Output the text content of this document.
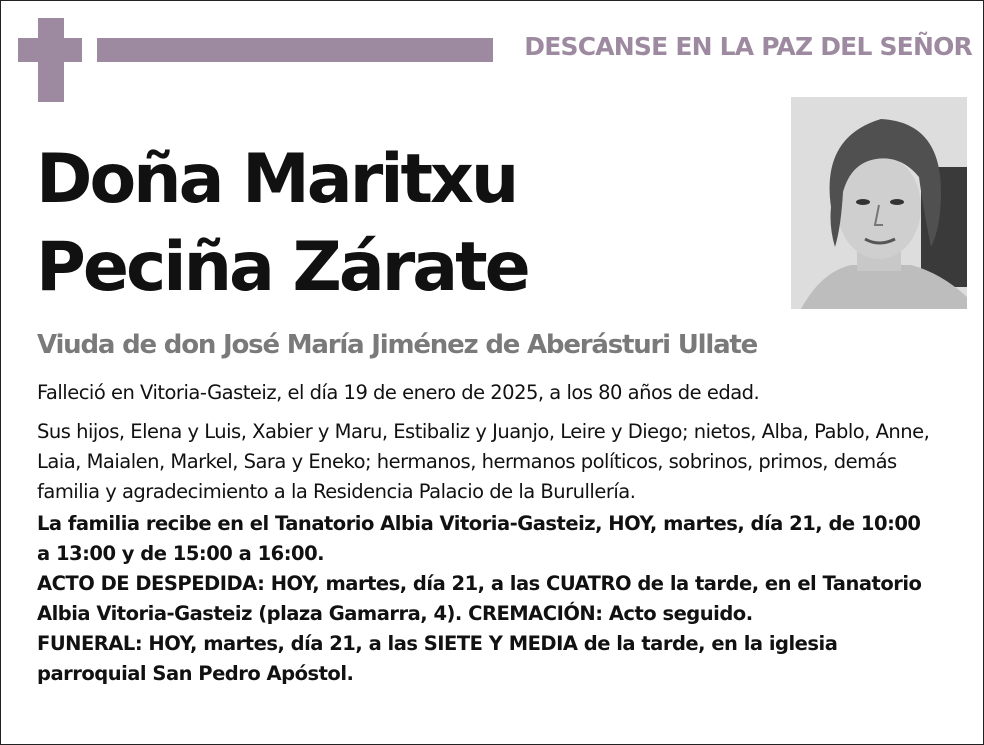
DESCANSE EN LA PAZ DEL SEÑOR
Doña Maritxu
Peciña Zárate
Viuda de don José María Jiménez de Aberásturi Ullate

Falleció en Vitoria-Gasteiz, el día 19 de enero de 2025, a los 80 años de edad.

Sus hijos, Elena y Luis, Xabier y Maru, Estibaliz y Juanjo, Leire y Diego; nietos, Alba, Pablo, Anne, Laia, Maialen, Markel, Sara y Eneko; hermanos, hermanos políticos, sobrinos, primos, demás familia y agradecimiento a la Residencia Palacio de la Burullería.

La familia recibe en el Tanatorio Albia Vitoria-Gasteiz, HOY, martes, día 21, de 10:00 a 13:00 y de 15:00 a 16:00.

ACTO DE DESPEDIDA: HOY, martes, día 21, a las CUATRO de la tarde, en el Tanatorio Albia Vitoria-Gasteiz (plaza Gamarra, 4). CREMACIÓN: Acto seguido.

FUNERAL: HOY, martes, día 21, a las SIETE Y MEDIA de la tarde, en la iglesia parroquial San Pedro Apóstol.
